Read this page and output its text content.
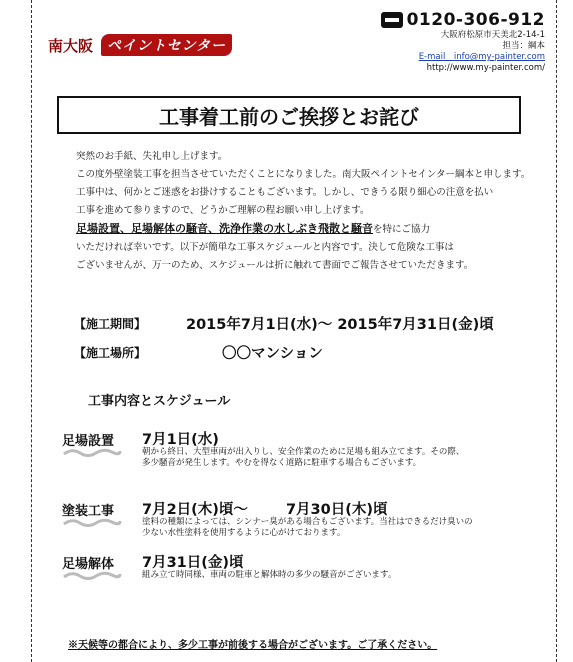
南大阪	ペイントセンター
0120-306-912
大阪府松原市天美北2-14-1
担当：綱本
E-mail　info@my-painter.com
http://www.my-painter.com/
工事着工前のご挨拶とお詫び

突然のお手紙、失礼申し上げます。

この度外壁塗装工事を担当させていただくことになりました。南大阪ペイントセインター綱本と申します。

工事中は、何かとご迷惑をお掛けすることもございます。しかし、できうる限り細心の注意を払い

工事を進めて参りますので、どうかご理解の程お願い申し上げます。

足場設置、足場解体の騒音、洗浄作業の水しぶき飛散と騒音を特にご協力

いただければ幸いです。以下が簡単な工事スケジュールと内容です。決して危険な工事は

ございませんが、万一のため、スケジュールは折に触れて書面でご報告させていただきます。

【施工期間】	2015年7月1日(水)～ 2015年7月31日(金)頃
【施工場所】	〇〇マンション
工事内容とスケジュール
足場設置 7月1日(水)
朝から終日、大型車両が出入りし、安全作業のために足場も組み立てます。その際、
多少騒音が発生します。やむを得なく道路に駐車する場合もございます。
塗装工事 7月2日(木)頃～	7月30日(木)頃
塗料の種類によっては、シンナー臭がある場合もございます。当社はできるだけ臭いの
少ない水性塗料を使用するように心がけております。
足場解体 7月31日(金)頃
組み立て時同様、車両の駐車と解体時の多少の騒音がございます。
※天候等の都合により、多少工事が前後する場合がございます。ご了承ください。
